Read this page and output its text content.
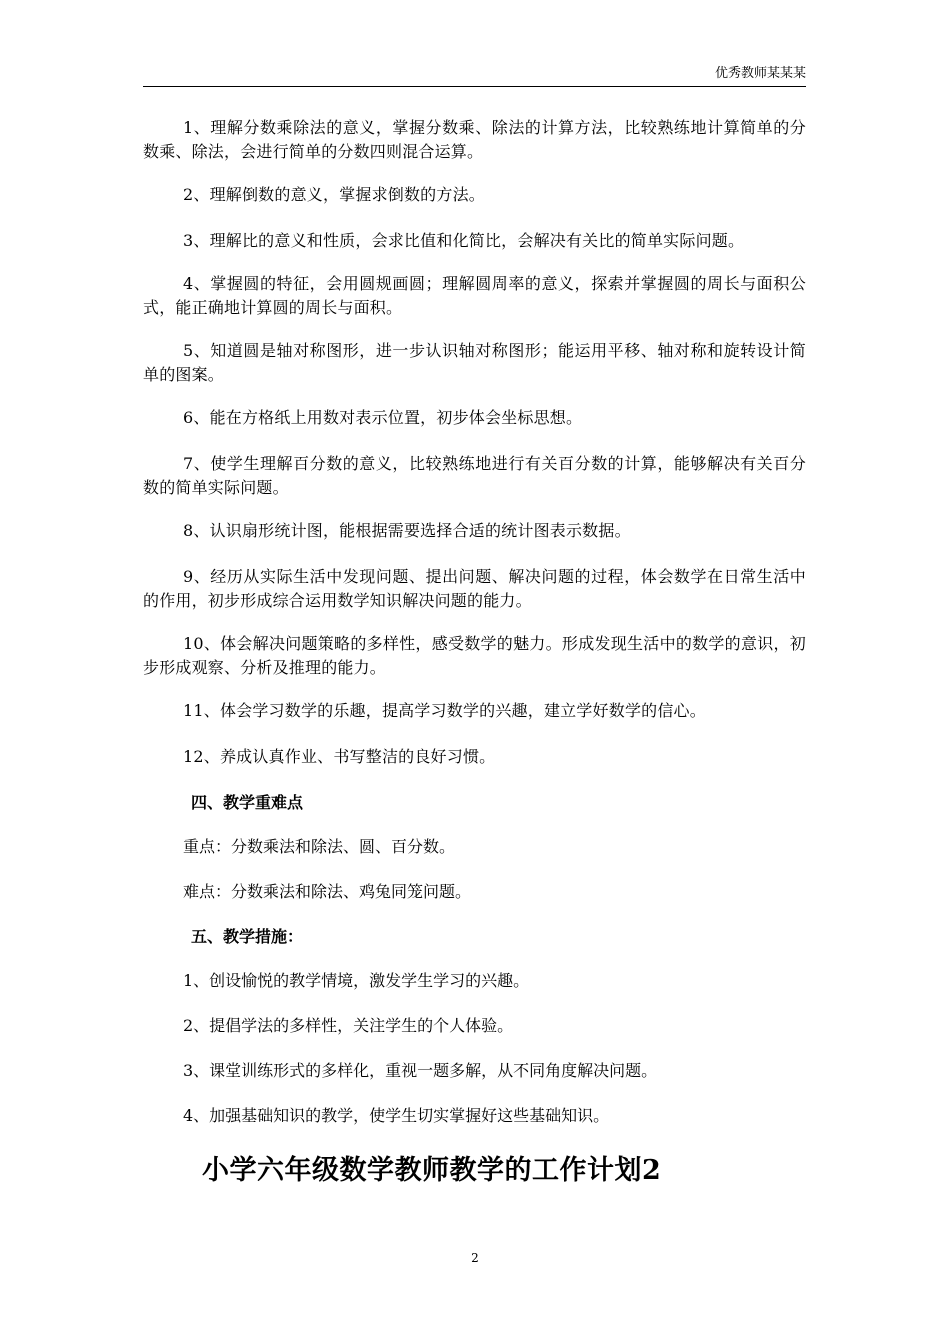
优秀教师某某某

1、理解分数乘除法的意义，掌握分数乘、除法的计算方法，比较熟练地计算简单的分数乘、除法，会进行简单的分数四则混合运算。

2、理解倒数的意义，掌握求倒数的方法。

3、理解比的意义和性质，会求比值和化简比，会解决有关比的简单实际问题。

4、掌握圆的特征，会用圆规画圆；理解圆周率的意义，探索并掌握圆的周长与面积公式，能正确地计算圆的周长与面积。

5、知道圆是轴对称图形，进一步认识轴对称图形；能运用平移、轴对称和旋转设计简单的图案。

6、能在方格纸上用数对表示位置，初步体会坐标思想。

7、使学生理解百分数的意义，比较熟练地进行有关百分数的计算，能够解决有关百分数的简单实际问题。

8、认识扇形统计图，能根据需要选择合适的统计图表示数据。

9、经历从实际生活中发现问题、提出问题、解决问题的过程，体会数学在日常生活中的作用，初步形成综合运用数学知识解决问题的能力。

10、体会解决问题策略的多样性，感受数学的魅力。形成发现生活中的数学的意识，初步形成观察、分析及推理的能力。

11、体会学习数学的乐趣，提高学习数学的兴趣，建立学好数学的信心。

12、养成认真作业、书写整洁的良好习惯。

四、教学重难点
重点：分数乘法和除法、圆、百分数。
难点：分数乘法和除法、鸡兔同笼问题。
五、教学措施：
1、创设愉悦的教学情境，激发学生学习的兴趣。
2、提倡学法的多样性，关注学生的个人体验。
3、课堂训练形式的多样化，重视一题多解，从不同角度解决问题。
4、加强基础知识的教学，使学生切实掌握好这些基础知识。
小学六年级数学教师教学的工作计划2
2
